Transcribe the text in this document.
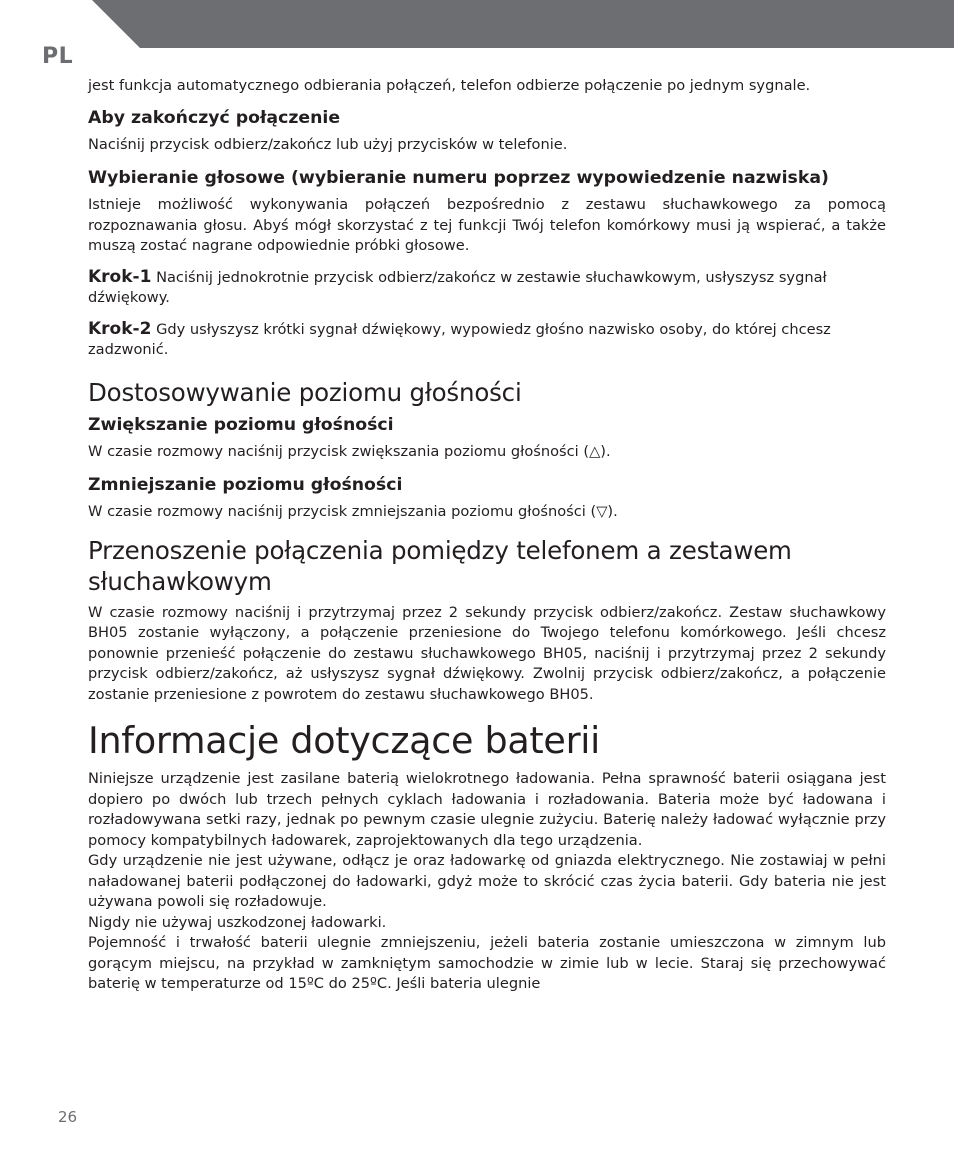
PL

jest funkcja automatycznego odbierania połączeń, telefon odbierze połączenie po jednym sygnale.

Aby zakończyć połączenie

Naciśnij przycisk odbierz/zakończ lub użyj przycisków w telefonie.

Wybieranie głosowe (wybieranie numeru poprzez wypowiedzenie nazwiska)

Istnieje możliwość wykonywania połączeń bezpośrednio z zestawu słuchawkowego za pomocą rozpoznawania głosu. Abyś mógł skorzystać z tej funkcji Twój telefon komórkowy musi ją wspierać, a także muszą zostać nagrane odpowiednie próbki głosowe.

Krok-1 Naciśnij jednokrotnie przycisk odbierz/zakończ w zestawie słuchawkowym, usłyszysz sygnał dźwiękowy.

Krok-2 Gdy usłyszysz krótki sygnał dźwiękowy, wypowiedz głośno nazwisko osoby, do której chcesz zadzwonić.

Dostosowywanie poziomu głośności
Zwiększanie poziomu głośności

W czasie rozmowy naciśnij przycisk zwiększania poziomu głośności (△).

Zmniejszanie poziomu głośności

W czasie rozmowy naciśnij przycisk zmniejszania poziomu głośności (▽).

Przenoszenie połączenia pomiędzy telefonem a zestawem słuchawkowym

W czasie rozmowy naciśnij i przytrzymaj przez 2 sekundy przycisk odbierz/zakończ. Zestaw słuchawkowy BH05 zostanie wyłączony, a połączenie przeniesione do Twojego telefonu komórkowego. Jeśli chcesz ponownie przenieść połączenie do zestawu słuchawkowego BH05, naciśnij i przytrzymaj przez 2 sekundy przycisk odbierz/zakończ, aż usłyszysz sygnał dźwiękowy. Zwolnij przycisk odbierz/zakończ, a połączenie zostanie przeniesione z powrotem do zestawu słuchawkowego BH05.

Informacje dotyczące baterii

Niniejsze urządzenie jest zasilane baterią wielokrotnego ładowania. Pełna sprawność baterii osiągana jest dopiero po dwóch lub trzech pełnych cyklach ładowania i rozładowania. Bateria może być ładowana i rozładowywana setki razy, jednak po pewnym czasie ulegnie zużyciu. Baterię należy ładować wyłącznie przy pomocy kompatybilnych ładowarek, zaprojektowanych dla tego urządzenia.

Gdy urządzenie nie jest używane, odłącz je oraz ładowarkę od gniazda elektrycznego. Nie zostawiaj w pełni naładowanej baterii podłączonej do ładowarki, gdyż może to skrócić czas życia baterii. Gdy bateria nie jest używana powoli się rozładowuje.

Nigdy nie używaj uszkodzonej ładowarki.

Pojemność i trwałość baterii ulegnie zmniejszeniu, jeżeli bateria zostanie umieszczona w zimnym lub gorącym miejscu, na przykład w zamkniętym samochodzie w zimie lub w lecie. Staraj się przechowywać baterię w temperaturze od 15ºC do 25ºC. Jeśli bateria ulegnie

26
